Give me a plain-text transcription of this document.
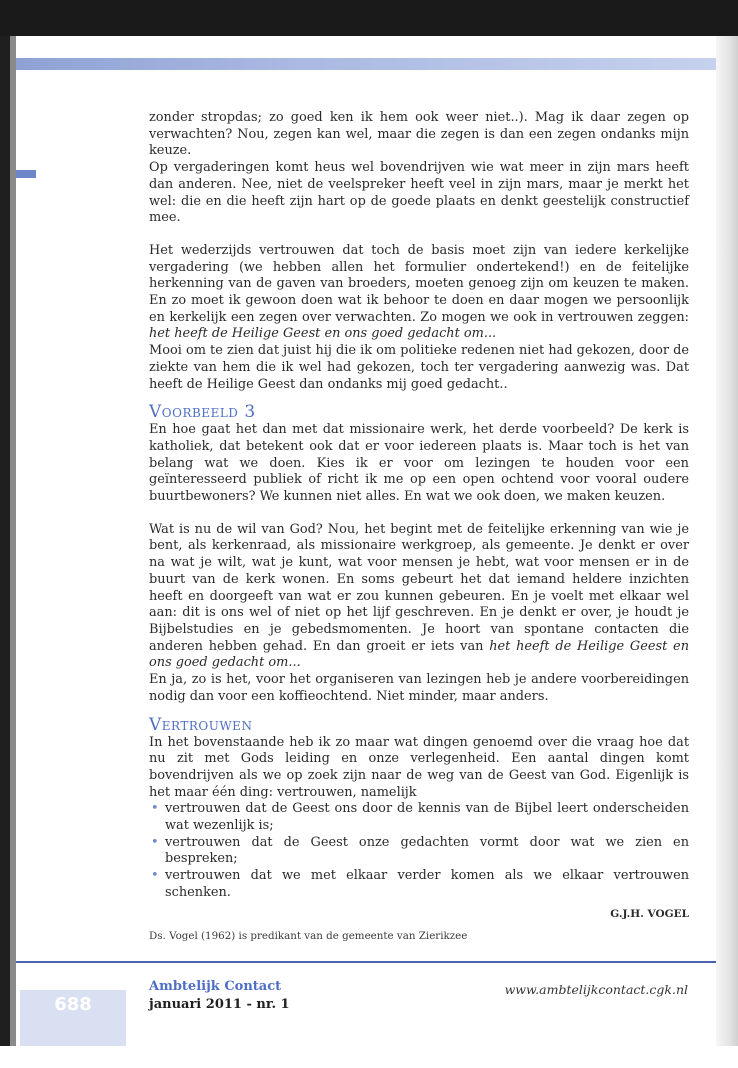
zonder stropdas; zo goed ken ik hem ook weer niet..). Mag ik daar zegen op verwachten? Nou, zegen kan wel, maar die zegen is dan een zegen ondanks mijn keuze.

Op vergaderingen komt heus wel bovendrijven wie wat meer in zijn mars heeft dan anderen. Nee, niet de veelspreker heeft veel in zijn mars, maar je merkt het wel: die en die heeft zijn hart op de goede plaats en denkt geestelijk constructief mee.

Het wederzijds vertrouwen dat toch de basis moet zijn van iedere kerkelijke vergadering (we hebben allen het formulier ondertekend!) en de feitelijke herkenning van de gaven van broeders, moeten genoeg zijn om keuzen te maken. En zo moet ik gewoon doen wat ik behoor te doen en daar mogen we persoonlijk en kerkelijk een zegen over verwachten. Zo mogen we ook in vertrouwen zeggen: het heeft de Heilige Geest en ons goed gedacht om...

Mooi om te zien dat juist hij die ik om politieke redenen niet had gekozen, door de ziekte van hem die ik wel had gekozen, toch ter vergadering aanwezig was. Dat heeft de Heilige Geest dan ondanks mij goed gedacht..

Voorbeeld 3

En hoe gaat het dan met dat missionaire werk, het derde voorbeeld? De kerk is katholiek, dat betekent ook dat er voor iedereen plaats is. Maar toch is het van belang wat we doen. Kies ik er voor om lezingen te houden voor een geïnteresseerd publiek of richt ik me op een open ochtend voor vooral oudere buurtbewoners? We kunnen niet alles. En wat we ook doen, we maken keuzen.

Wat is nu de wil van God? Nou, het begint met de feitelijke erkenning van wie je bent, als kerkenraad, als missionaire werkgroep, als gemeente. Je denkt er over na wat je wilt, wat je kunt, wat voor mensen je hebt, wat voor mensen er in de buurt van de kerk wonen. En soms gebeurt het dat iemand heldere inzichten heeft en doorgeeft van wat er zou kunnen gebeuren. En je voelt met elkaar wel aan: dit is ons wel of niet op het lijf geschreven. En je denkt er over, je houdt je Bijbelstudies en je gebedsmomenten. Je hoort van spontane contacten die anderen hebben gehad. En dan groeit er iets van het heeft de Heilige Geest en ons goed gedacht om...

En ja, zo is het, voor het organiseren van lezingen heb je andere voorbereidingen nodig dan voor een koffieochtend. Niet minder, maar anders.

Vertrouwen

In het bovenstaande heb ik zo maar wat dingen genoemd over die vraag hoe dat nu zit met Gods leiding en onze verlegenheid. Een aantal dingen komt bovendrijven als we op zoek zijn naar de weg van de Geest van God. Eigenlijk is het maar één ding: vertrouwen, namelijk

• vertrouwen dat de Geest ons door de kennis van de Bijbel leert onderscheiden wat wezenlijk is;
• vertrouwen dat de Geest onze gedachten vormt door wat we zien en bespreken;
• vertrouwen dat we met elkaar verder komen als we elkaar vertrouwen schenken.
G.J.H. VOGEL
Ds. Vogel (1962) is predikant van de gemeente van Zierikzee
688
Ambtelijk Contact
januari 2011 - nr. 1
www.ambtelijkcontact.cgk.nl
